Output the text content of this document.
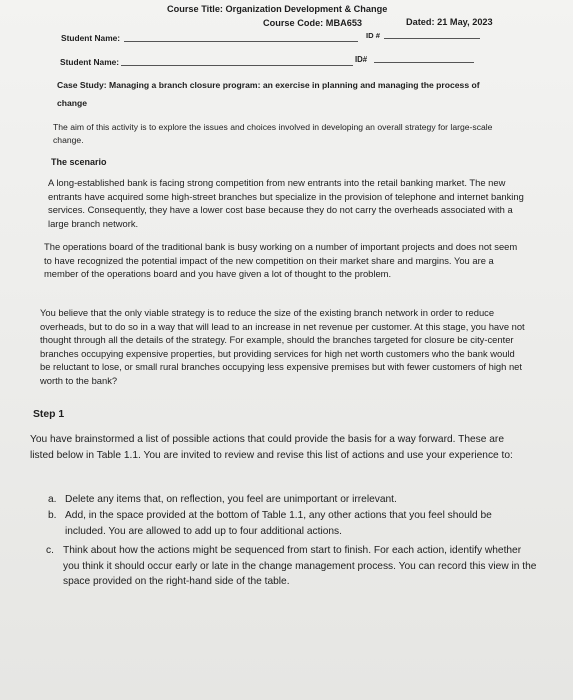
Course Title: Organization Development & Change
Course Code: MBA653	Dated: 21 May, 2023
Student Name:	ID #
Student Name:	ID#
Case Study: Managing a branch closure program: an exercise in planning and managing the process of
change
The aim of this activity is to explore the issues and choices involved in developing an overall strategy for large-scale change.
The scenario
A long-established bank is facing strong competition from new entrants into the retail banking market. The new entrants have acquired some high-street branches but specialize in the provision of telephone and internet banking services. Consequently, they have a lower cost base because they do not carry the overheads associated with a large branch network.
The operations board of the traditional bank is busy working on a number of important projects and does not seem to have recognized the potential impact of the new competition on their market share and margins. You are a member of the operations board and you have given a lot of thought to the problem.
You believe that the only viable strategy is to reduce the size of the existing branch network in order to reduce overheads, but to do so in a way that will lead to an increase in net revenue per customer. At this stage, you have not thought through all the details of the strategy. For example, should the branches targeted for closure be city-center branches occupying expensive properties, but providing services for high net worth customers who the bank would be reluctant to lose, or small rural branches occupying less expensive premises but with fewer customers of high net worth to the bank?
Step 1
You have brainstormed a list of possible actions that could provide the basis for a way forward. These are listed below in Table 1.1. You are invited to review and revise this list of actions and use your experience to:
a. Delete any items that, on reflection, you feel are unimportant or irrelevant.
b. Add, in the space provided at the bottom of Table 1.1, any other actions that you feel should be included. You are allowed to add up to four additional actions.
c. Think about how the actions might be sequenced from start to finish. For each action, identify whether you think it should occur early or late in the change management process. You can record this view in the space provided on the right-hand side of the table.
